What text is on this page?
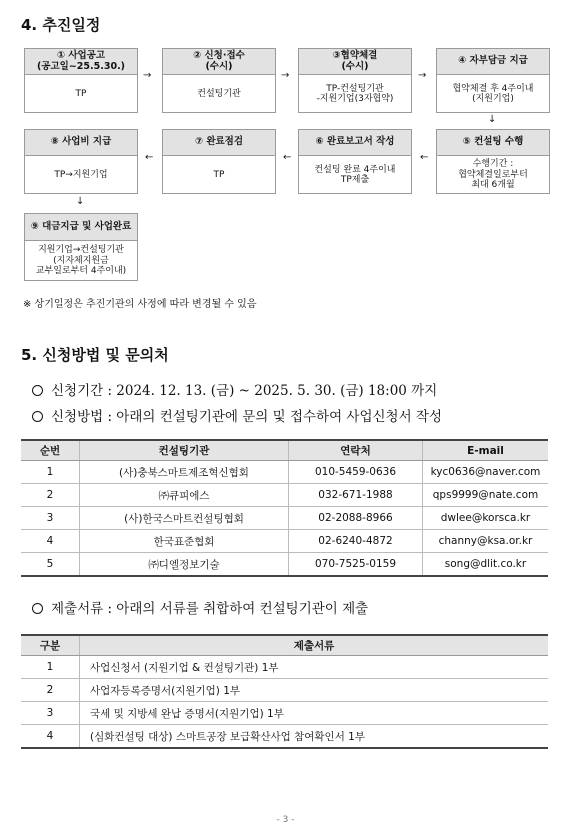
4. 추진일정
① 사업공고
(공고일~25.5.30.)
TP
→
② 신청·접수
(수시)
컨설팅기관
→
③협약체결
(수시)
TP-컨설팅기관
-지원기업(3자협약)
→
④ 자부담금 지급
협약체결 후 4주이내
(지원기업)
↓
⑧ 사업비 지급
TP→지원기업
←
⑦ 완료점검
TP
←
⑥ 완료보고서 작성
컨설팅 완료 4주이내
TP제출
←
⑤ 컨설팅 수행
수행기간 :
협약체결일로부터
최대 6개월
↓
⑨ 대금지급 및 사업완료
지원기업→컨설팅기관
(지자체지원금
교부일로부터 4주이내)
※ 상기일정은 추진기관의 사정에 따라 변경될 수 있음
5. 신청방법 및 문의처
신청기간 : 2024. 12. 13. (금) ~ 2025. 5. 30. (금) 18:00 까지
신청방법 : 아래의 컨설팅기관에 문의 및 접수하여 사업신청서 작성
순번	컨설팅기관	연락처	E-mail
1	(사)충북스마트제조혁신협회	010-5459-0636	kyc0636@naver.com
2	㈜큐피에스	032-671-1988	qps9999@nate.com
3	(사)한국스마트컨설팅협회	02-2088-8966	dwlee@korsca.kr
4	한국표준협회	02-6240-4872	channy@ksa.or.kr
5	㈜디엘정보기술	070-7525-0159	song@dlit.co.kr
제출서류 : 아래의 서류를 취합하여 컨설팅기관이 제출
구분	제출서류
1	사업신청서 (지원기업 & 컨설팅기관) 1부
2	사업자등록증명서(지원기업) 1부
3	국세 및 지방세 완납 증명서(지원기업) 1부
4	(심화컨설팅 대상) 스마트공장 보급확산사업 참여확인서 1부
- 3 -
